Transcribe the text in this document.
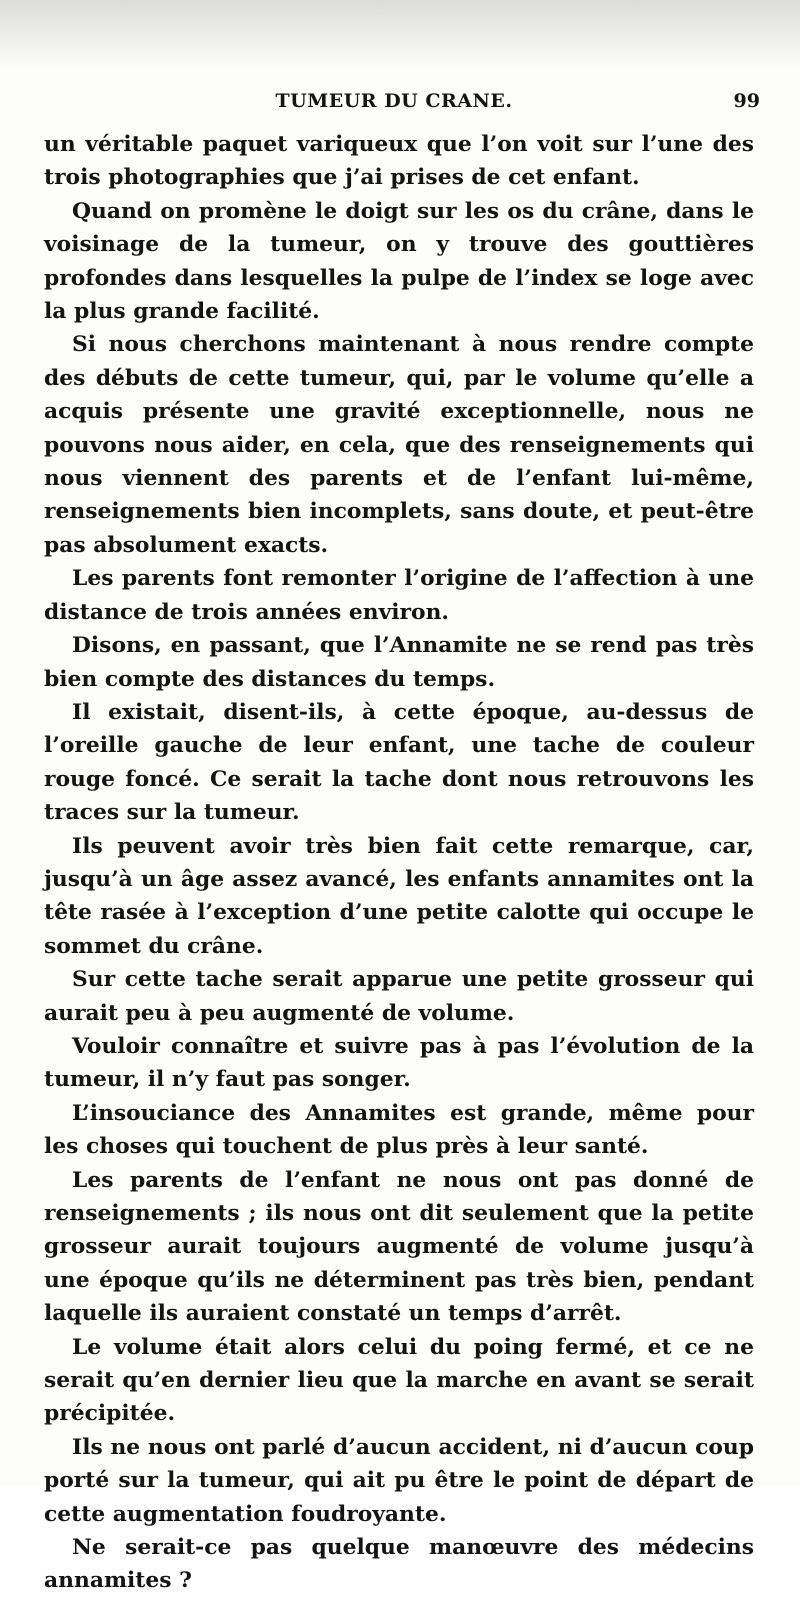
TUMEUR DU CRANE.	99

un véritable paquet variqueux que l’on voit sur l’une des trois photographies que j’ai prises de cet enfant.

Quand on promène le doigt sur les os du crâne, dans le voisinage de la tumeur, on y trouve des gouttières profondes dans lesquelles la pulpe de l’index se loge avec la plus grande facilité.

Si nous cherchons maintenant à nous rendre compte des débuts de cette tumeur, qui, par le volume qu’elle a acquis présente une gravité exceptionnelle, nous ne pouvons nous aider, en cela, que des renseignements qui nous viennent des parents et de l’enfant lui-même, renseignements bien incomplets, sans doute, et peut-être pas absolument exacts.

Les parents font remonter l’origine de l’affection à une distance de trois années environ.

Disons, en passant, que l’Annamite ne se rend pas très bien compte des distances du temps.

Il existait, disent-ils, à cette époque, au-dessus de l’oreille gauche de leur enfant, une tache de couleur rouge foncé. Ce serait la tache dont nous retrouvons les traces sur la tumeur.

Ils peuvent avoir très bien fait cette remarque, car, jusqu’à un âge assez avancé, les enfants annamites ont la tête rasée à l’exception d’une petite calotte qui occupe le sommet du crâne.

Sur cette tache serait apparue une petite grosseur qui aurait peu à peu augmenté de volume.

Vouloir connaître et suivre pas à pas l’évolution de la tumeur, il n’y faut pas songer.

L’insouciance des Annamites est grande, même pour les choses qui touchent de plus près à leur santé.

Les parents de l’enfant ne nous ont pas donné de renseignements ; ils nous ont dit seulement que la petite grosseur aurait toujours augmenté de volume jusqu’à une époque qu’ils ne déterminent pas très bien, pendant laquelle ils auraient constaté un temps d’arrêt.

Le volume était alors celui du poing fermé, et ce ne serait qu’en dernier lieu que la marche en avant se serait précipitée.

Ils ne nous ont parlé d’aucun accident, ni d’aucun coup porté sur la tumeur, qui ait pu être le point de départ de cette augmentation foudroyante.

Ne serait-ce pas quelque manœuvre des médecins annamites ?
